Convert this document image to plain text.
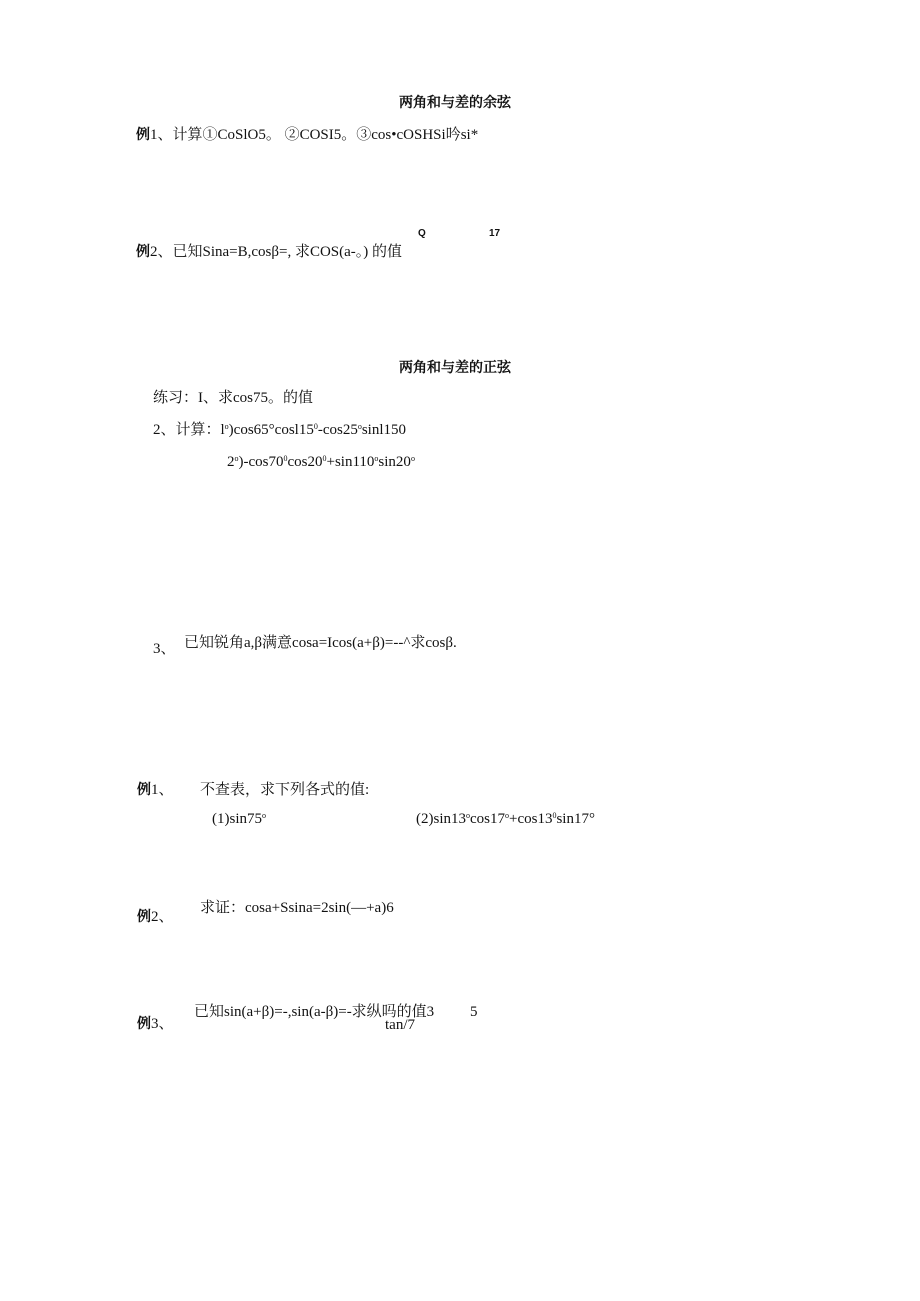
两角和与差的余弦
例1、计算①CoSlO5。 ②COSI5。③cos•cOSHSi吟si*
Q	17
例2、已知Sina=B,cosβ=, 求COS(a-。) 的值
两角和与差的正弦
练习：I、求cos75。的值
2、计算：$l^o)\cos 65^\circ\cos l15^0-\cos 25^o\sin l150$
$2^o)-\cos 70^0\cos 20^0+\sin 110^o\sin 20^o$
3、 已知锐角a,β满意cosa=Icos(a+β)=--^求cosβ.
例1、 不查表，求下列各式的值:
(1)sin75$^o$	$(2)\sin 13^o\cos 17^o+\cos 13^0\sin 17^\circ$
例2、
求证：cosa+Ssina=2sin(—+a)6
例3、
已知sin(a+β)=-,sin(a-β)=-求纵吗的值3 5
tan/7
